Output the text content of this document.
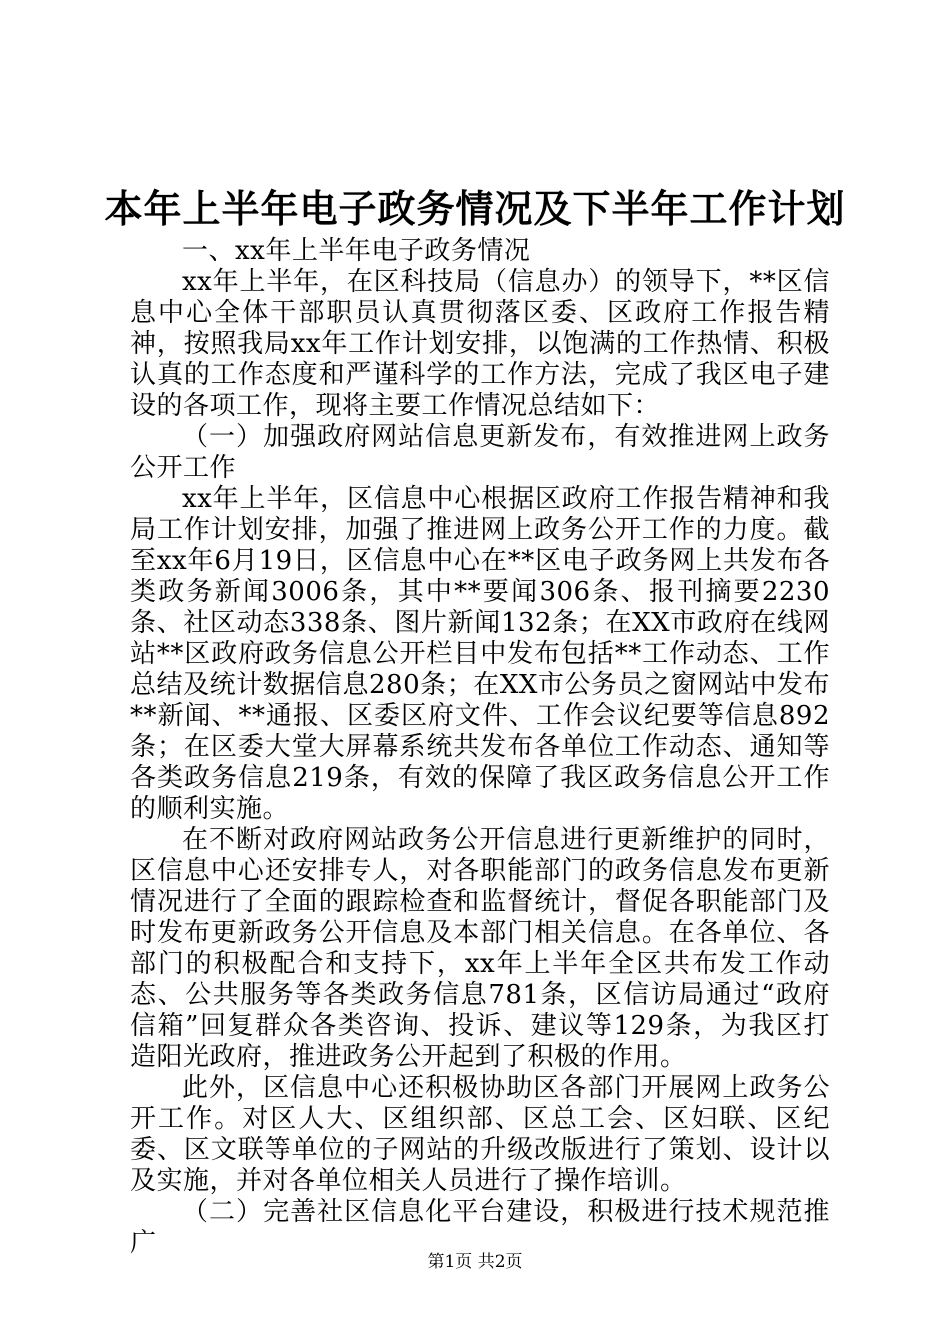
本年上半年电子政务情况及下半年工作计划

一、xx年上半年电子政务情况

xx年上半年，在区科技局（信息办）的领导下，**区信息中心全体干部职员认真贯彻落区委、区政府工作报告精神，按照我局xx年工作计划安排，以饱满的工作热情、积极认真的工作态度和严谨科学的工作方法，完成了我区电子建设的各项工作，现将主要工作情况总结如下：

（一）加强政府网站信息更新发布，有效推进网上政务公开工作

xx年上半年，区信息中心根据区政府工作报告精神和我局工作计划安排，加强了推进网上政务公开工作的力度。截至xx年6月19日，区信息中心在**区电子政务网上共发布各类政务新闻3006条，其中**要闻306条、报刊摘要2230条、社区动态338条、图片新闻132条；在XX市政府在线网站**区政府政务信息公开栏目中发布包括**工作动态、工作总结及统计数据信息280条；在XX市公务员之窗网站中发布**新闻、**通报、区委区府文件、工作会议纪要等信息892条；在区委大堂大屏幕系统共发布各单位工作动态、通知等各类政务信息219条，有效的保障了我区政务信息公开工作的顺利实施。

在不断对政府网站政务公开信息进行更新维护的同时，区信息中心还安排专人，对各职能部门的政务信息发布更新情况进行了全面的跟踪检查和监督统计，督促各职能部门及时发布更新政务公开信息及本部门相关信息。在各单位、各部门的积极配合和支持下，xx年上半年全区共布发工作动态、公共服务等各类政务信息781条，区信访局通过“政府信箱”回复群众各类咨询、投诉、建议等129条，为我区打造阳光政府，推进政务公开起到了积极的作用。

此外，区信息中心还积极协助区各部门开展网上政务公开工作。对区人大、区组织部、区总工会、区妇联、区纪委、区文联等单位的子网站的升级改版进行了策划、设计以及实施，并对各单位相关人员进行了操作培训。

（二）完善社区信息化平台建设，积极进行技术规范推广

第1页 共2页
